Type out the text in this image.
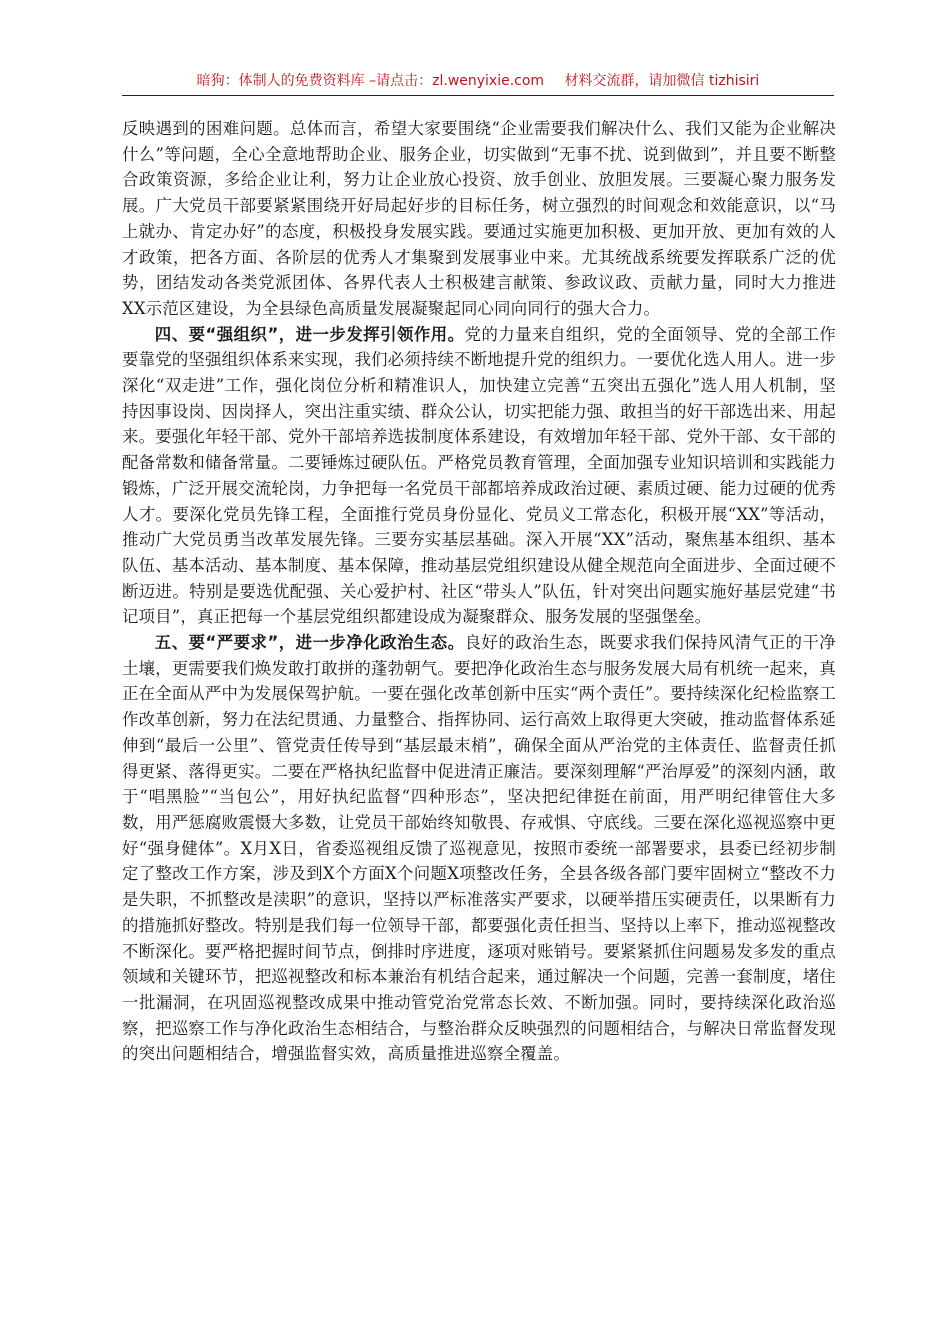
暗狗：体制人的免费资料库 –请点击：zl.wenyixie.com 材料交流群，请加微信 tizhisiri

反映遇到的困难问题。总体而言，希望大家要围绕“企业需要我们解决什么、我们又能为企业解决什么”等问题，全心全意地帮助企业、服务企业，切实做到“无事不扰、说到做到”，并且要不断整合政策资源，多给企业让利，努力让企业放心投资、放手创业、放胆发展。三要凝心聚力服务发展。广大党员干部要紧紧围绕开好局起好步的目标任务，树立强烈的时间观念和效能意识，以“马上就办、肯定办好”的态度，积极投身发展实践。要通过实施更加积极、更加开放、更加有效的人才政策，把各方面、各阶层的优秀人才集聚到发展事业中来。尤其统战系统要发挥联系广泛的优势，团结发动各类党派团体、各界代表人士积极建言献策、参政议政、贡献力量，同时大力推进XX示范区建设，为全县绿色高质量发展凝聚起同心同向同行的强大合力。

四、要“强组织”，进一步发挥引领作用。党的力量来自组织，党的全面领导、党的全部工作要靠党的坚强组织体系来实现，我们必须持续不断地提升党的组织力。一要优化选人用人。进一步深化“双走进”工作，强化岗位分析和精准识人，加快建立完善“五突出五强化”选人用人机制，坚持因事设岗、因岗择人，突出注重实绩、群众公认，切实把能力强、敢担当的好干部选出来、用起来。要强化年轻干部、党外干部培养选拔制度体系建设，有效增加年轻干部、党外干部、女干部的配备常数和储备常量。二要锤炼过硬队伍。严格党员教育管理，全面加强专业知识培训和实践能力锻炼，广泛开展交流轮岗，力争把每一名党员干部都培养成政治过硬、素质过硬、能力过硬的优秀人才。要深化党员先锋工程，全面推行党员身份显化、党员义工常态化，积极开展“XX”等活动，推动广大党员勇当改革发展先锋。三要夯实基层基础。深入开展“XX”活动，聚焦基本组织、基本队伍、基本活动、基本制度、基本保障，推动基层党组织建设从健全规范向全面进步、全面过硬不断迈进。特别是要选优配强、关心爱护村、社区“带头人”队伍，针对突出问题实施好基层党建“书记项目”，真正把每一个基层党组织都建设成为凝聚群众、服务发展的坚强堡垒。

五、要“严要求”，进一步净化政治生态。良好的政治生态，既要求我们保持风清气正的干净土壤，更需要我们焕发敢打敢拼的蓬勃朝气。要把净化政治生态与服务发展大局有机统一起来，真正在全面从严中为发展保驾护航。一要在强化改革创新中压实“两个责任”。要持续深化纪检监察工作改革创新，努力在法纪贯通、力量整合、指挥协同、运行高效上取得更大突破，推动监督体系延伸到“最后一公里”、管党责任传导到“基层最末梢”，确保全面从严治党的主体责任、监督责任抓得更紧、落得更实。二要在严格执纪监督中促进清正廉洁。要深刻理解“严治厚爱”的深刻内涵，敢于“唱黑脸”“当包公”，用好执纪监督“四种形态”，坚决把纪律挺在前面，用严明纪律管住大多数，用严惩腐败震慑大多数，让党员干部始终知敬畏、存戒惧、守底线。三要在深化巡视巡察中更好“强身健体”。X月X日，省委巡视组反馈了巡视意见，按照市委统一部署要求，县委已经初步制定了整改工作方案，涉及到X个方面X个问题X项整改任务，全县各级各部门要牢固树立“整改不力是失职，不抓整改是渎职”的意识，坚持以严标准落实严要求，以硬举措压实硬责任，以果断有力的措施抓好整改。特别是我们每一位领导干部，都要强化责任担当、坚持以上率下，推动巡视整改不断深化。要严格把握时间节点，倒排时序进度，逐项对账销号。要紧紧抓住问题易发多发的重点领域和关键环节，把巡视整改和标本兼治有机结合起来，通过解决一个问题，完善一套制度，堵住一批漏洞，在巩固巡视整改成果中推动管党治党常态长效、不断加强。同时，要持续深化政治巡察，把巡察工作与净化政治生态相结合，与整治群众反映强烈的问题相结合，与解决日常监督发现的突出问题相结合，增强监督实效，高质量推进巡察全覆盖。
